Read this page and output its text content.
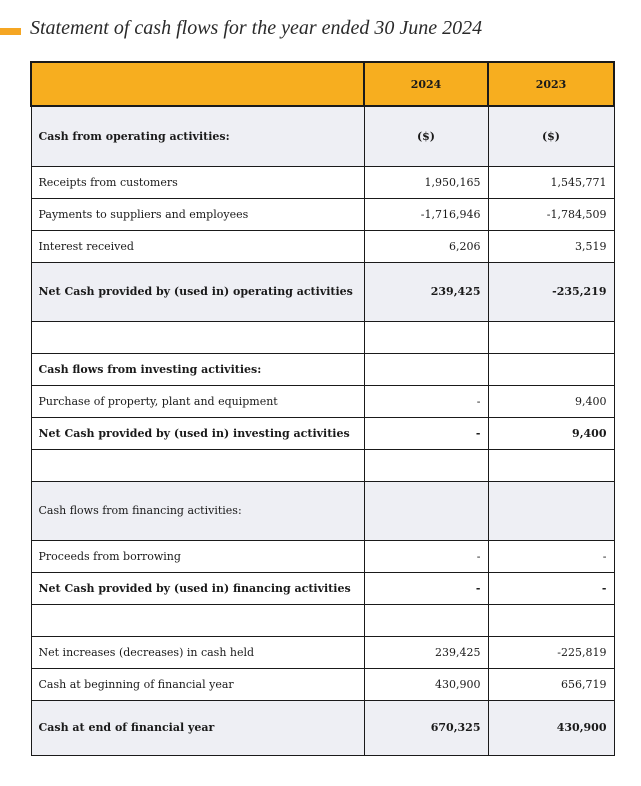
Statement of cash flows for the year ended 30 June 2024
	2024	2023
Cash from operating activities:	($)	($)
Receipts from customers	1,950,165	1,545,771
Payments to suppliers and employees	-1,716,946	-1,784,509
Interest received	6,206	3,519
Net Cash provided by (used in) operating activities	239,425	-235,219

Cash flows from investing activities:		
Purchase of property, plant and equipment	-	9,400
Net Cash provided by (used in) investing activities	-	9,400

Cash flows from financing activities:		
Proceeds from borrowing	-	-
Net Cash provided by (used in) financing activities	-	-

Net increases (decreases) in cash held	239,425	-225,819
Cash at beginning of financial year	430,900	656,719
Cash at end of financial year	670,325	430,900
